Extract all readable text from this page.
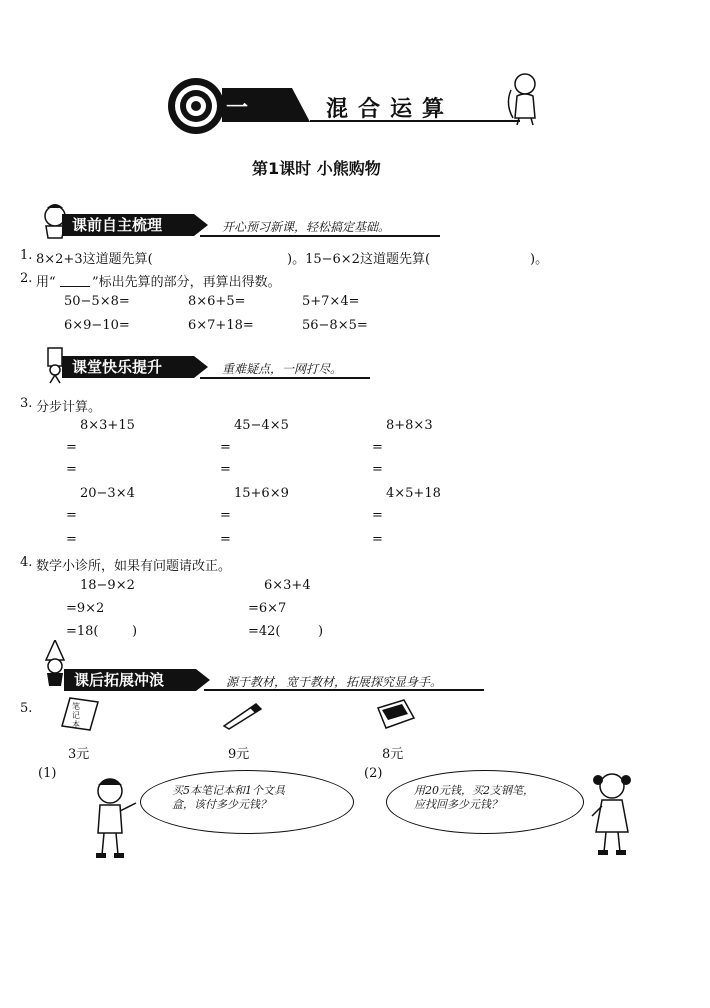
一	混合运算
第1课时 小熊购物
课前自主梳理	开心预习新课，轻松搞定基础。
1. 8×2+3这道题先算(	)。15−6×2这道题先算(	)。
2. 用“	”标出先算的部分，再算出得数。
50−5×8=	8×6+5=	5+7×4=
6×9−10=	6×7+18=	56−8×5=
课堂快乐提升	重难疑点，一网打尽。
3. 分步计算。
8×3+15	45−4×5	8+8×3
=	=	=
=	=	=
20−3×4	15+6×9	4×5+18
=	=	=
=	=	=
4. 数学小诊所，如果有问题请改正。
18−9×2
=9×2
=18(	)
6×3+4
=6×7
=42(	)
课后拓展冲浪	源于教材，宽于教材，拓展探究显身手。
5.	笔记本
3元	9元	8元
(1)	(2)
买5本笔记本和1个文具
盒，该付多少元钱？
用20元钱，买2支钢笔，
应找回多少元钱？
